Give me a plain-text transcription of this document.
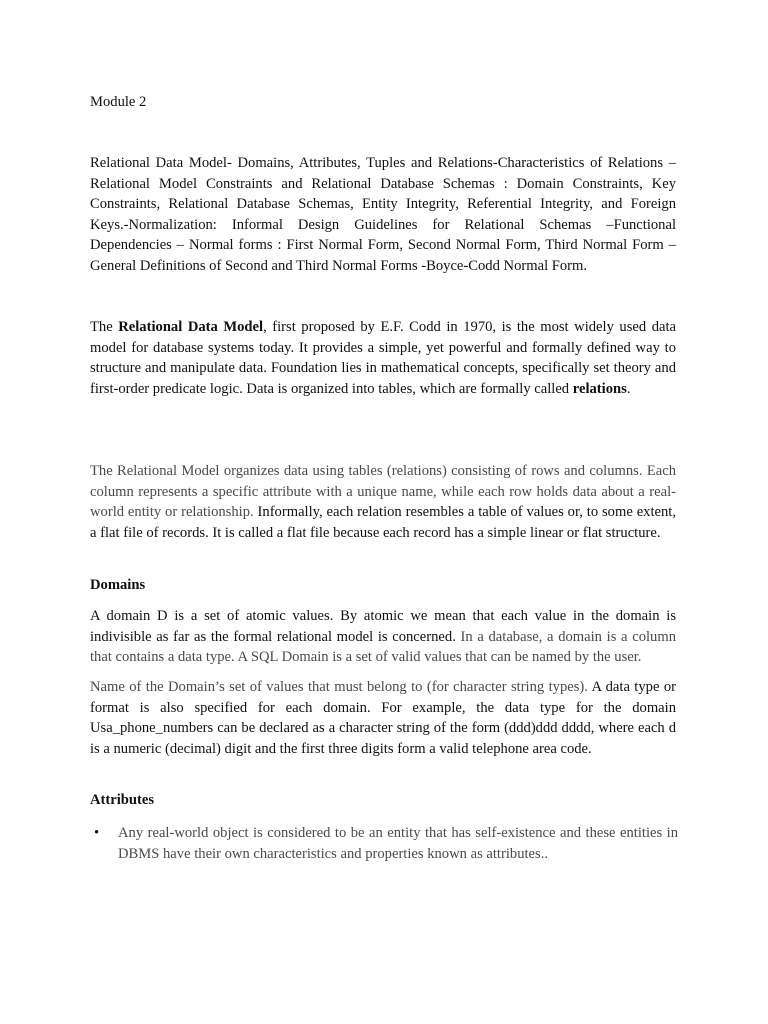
Module 2

Relational Data Model- Domains, Attributes, Tuples and Relations-Characteristics of Relations – Relational Model Constraints and Relational Database Schemas : Domain Constraints, Key Constraints, Relational Database Schemas, Entity Integrity, Referential Integrity, and Foreign Keys.-Normalization: Informal Design Guidelines for Relational Schemas –Functional Dependencies – Normal forms : First Normal Form, Second Normal Form, Third Normal Form – General Definitions of Second and Third Normal Forms -Boyce-Codd Normal Form.

The Relational Data Model, first proposed by E.F. Codd in 1970, is the most widely used data model for database systems today. It provides a simple, yet powerful and formally defined way to structure and manipulate data. Foundation lies in mathematical concepts, specifically set theory and first-order predicate logic. Data is organized into tables, which are formally called relations.

The Relational Model organizes data using tables (relations) consisting of rows and columns. Each column represents a specific attribute with a unique name, while each row holds data about a real-world entity or relationship. Informally, each relation resembles a table of values or, to some extent, a flat file of records. It is called a flat file because each record has a simple linear or flat structure.

Domains

A domain D is a set of atomic values. By atomic we mean that each value in the domain is indivisible as far as the formal relational model is concerned. In a database, a domain is a column that contains a data type. A SQL Domain is a set of valid values that can be named by the user.

Name of the Domain’s set of values that must belong to (for character string types). A data type or format is also specified for each domain. For example, the data type for the domain Usa_phone_numbers can be declared as a character string of the form (ddd)ddd dddd, where each d is a numeric (decimal) digit and the first three digits form a valid telephone area code.

Attributes

• Any real-world object is considered to be an entity that has self-existence and these entities in DBMS have their own characteristics and properties known as attributes..
